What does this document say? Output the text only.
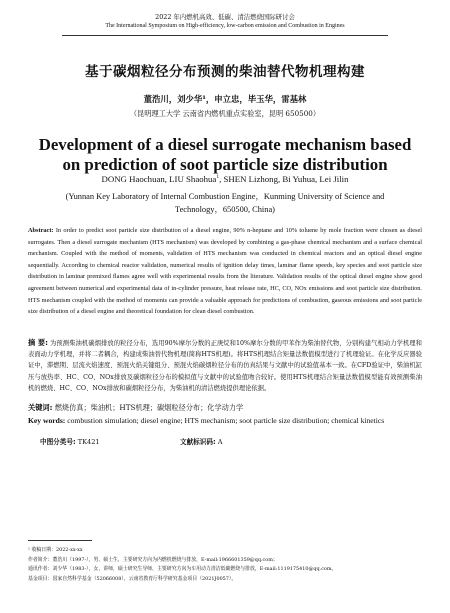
2022 年内燃机高效、低碳、清洁燃烧国际研讨会
The International Symposium on High-efficiency, low-carbon emission and Combustion in Engines
基于碳烟粒径分布预测的柴油替代物机理构建
董浩川，刘少华¹，申立忠，毕玉华，雷基林
（昆明理工大学 云南省内燃机重点实验室，昆明 650500）
Development of a diesel surrogate mechanism based on prediction of soot particle size distribution
DONG Haochuan, LIU Shaohua$^1$, SHEN Lizhong, Bi Yuhua, Lei Jilin
(Yunnan Key Laboratory of Internal Combustion Engine，Kunming University of Science and Technology，650500, China)

Abstract: In order to predict soot particle size distribution of a diesel engine, 90% n-heptane and 10% toluene by mole fraction were chosen as diesel surrogates. Then a diesel surrogate mechanism (HTS mechanism) was developed by combining a gas-phase chemical mechanism and a surface chemical mechanism. Coupled with the method of moments, validation of HTS mechanism was conducted in chemical reactors and an optical diesel engine sequentially. According to chemical reactor validation, numerical results of ignition delay times, laminar flame speeds, key species and soot particle size distribution in laminar premixed flames agree well with experimental results from the literature. Validation results of the optical diesel engine show good agreement between numerical and experimental data of in-cylinder pressure, heat release rate, HC, CO, NOx emissions and soot particle size distribution. HTS mechanism coupled with the method of moments can provide a valuable approach for predictions of combustion, gaseous emissions and soot particle size distribution of a diesel engine and theoretical foundation for clean diesel combustion.

摘 要: 为预测柴油机碳烟排放的粒径分布，选用90%摩尔分数的正庚烷和10%摩尔分数的甲苯作为柴油替代物，分别构建气相动力学机理和表面动力学机理，并将二者耦合，构建成柴油替代物机理(简称HTS机理)。将HTS机理结合矩量法数值模型进行了机理验证。在化学反应器验证中，滞燃期、层流火焰速度、预混火焰关键组分、预混火焰碳烟粒径分布的仿真结果与文献中的试验值基本一致。在CFD验证中，柴油机缸压与放热率、HC、CO、NOx排放及碳烟粒径分布的模拟值与文献中的试验值吻合较好。使用HTS机理结合矩量法数值模型能有效预测柴油机的燃烧、HC、CO、NOx排放和碳烟粒径分布，为柴油机的清洁燃烧提供理论依据。

关键词: 燃烧仿真；柴油机；HTS机理；碳烟粒径分布；化学动力学

Key words: combustion simulation; diesel engine; HTS mechanism; soot particle size distribution; chemical kinetics

中图分类号: TK421	文献标识码: A
¹ 收稿日期：2022-xx-xx
作者简介：董浩川（1997-），男，硕士生，主要研究方向为内燃机燃烧与排放，E-mail:1966601359@qq.com；
通讯作者：刘少华（1983-），女，讲师，硕士研究生导师，主要研究方向为车用动力清洁低碳燃烧与排放，E-mail:1119175410@qq.com。
基金项目：国家自然科学基金（52066008），云南省教育厅科学研究基金项目（2021J0057）。
